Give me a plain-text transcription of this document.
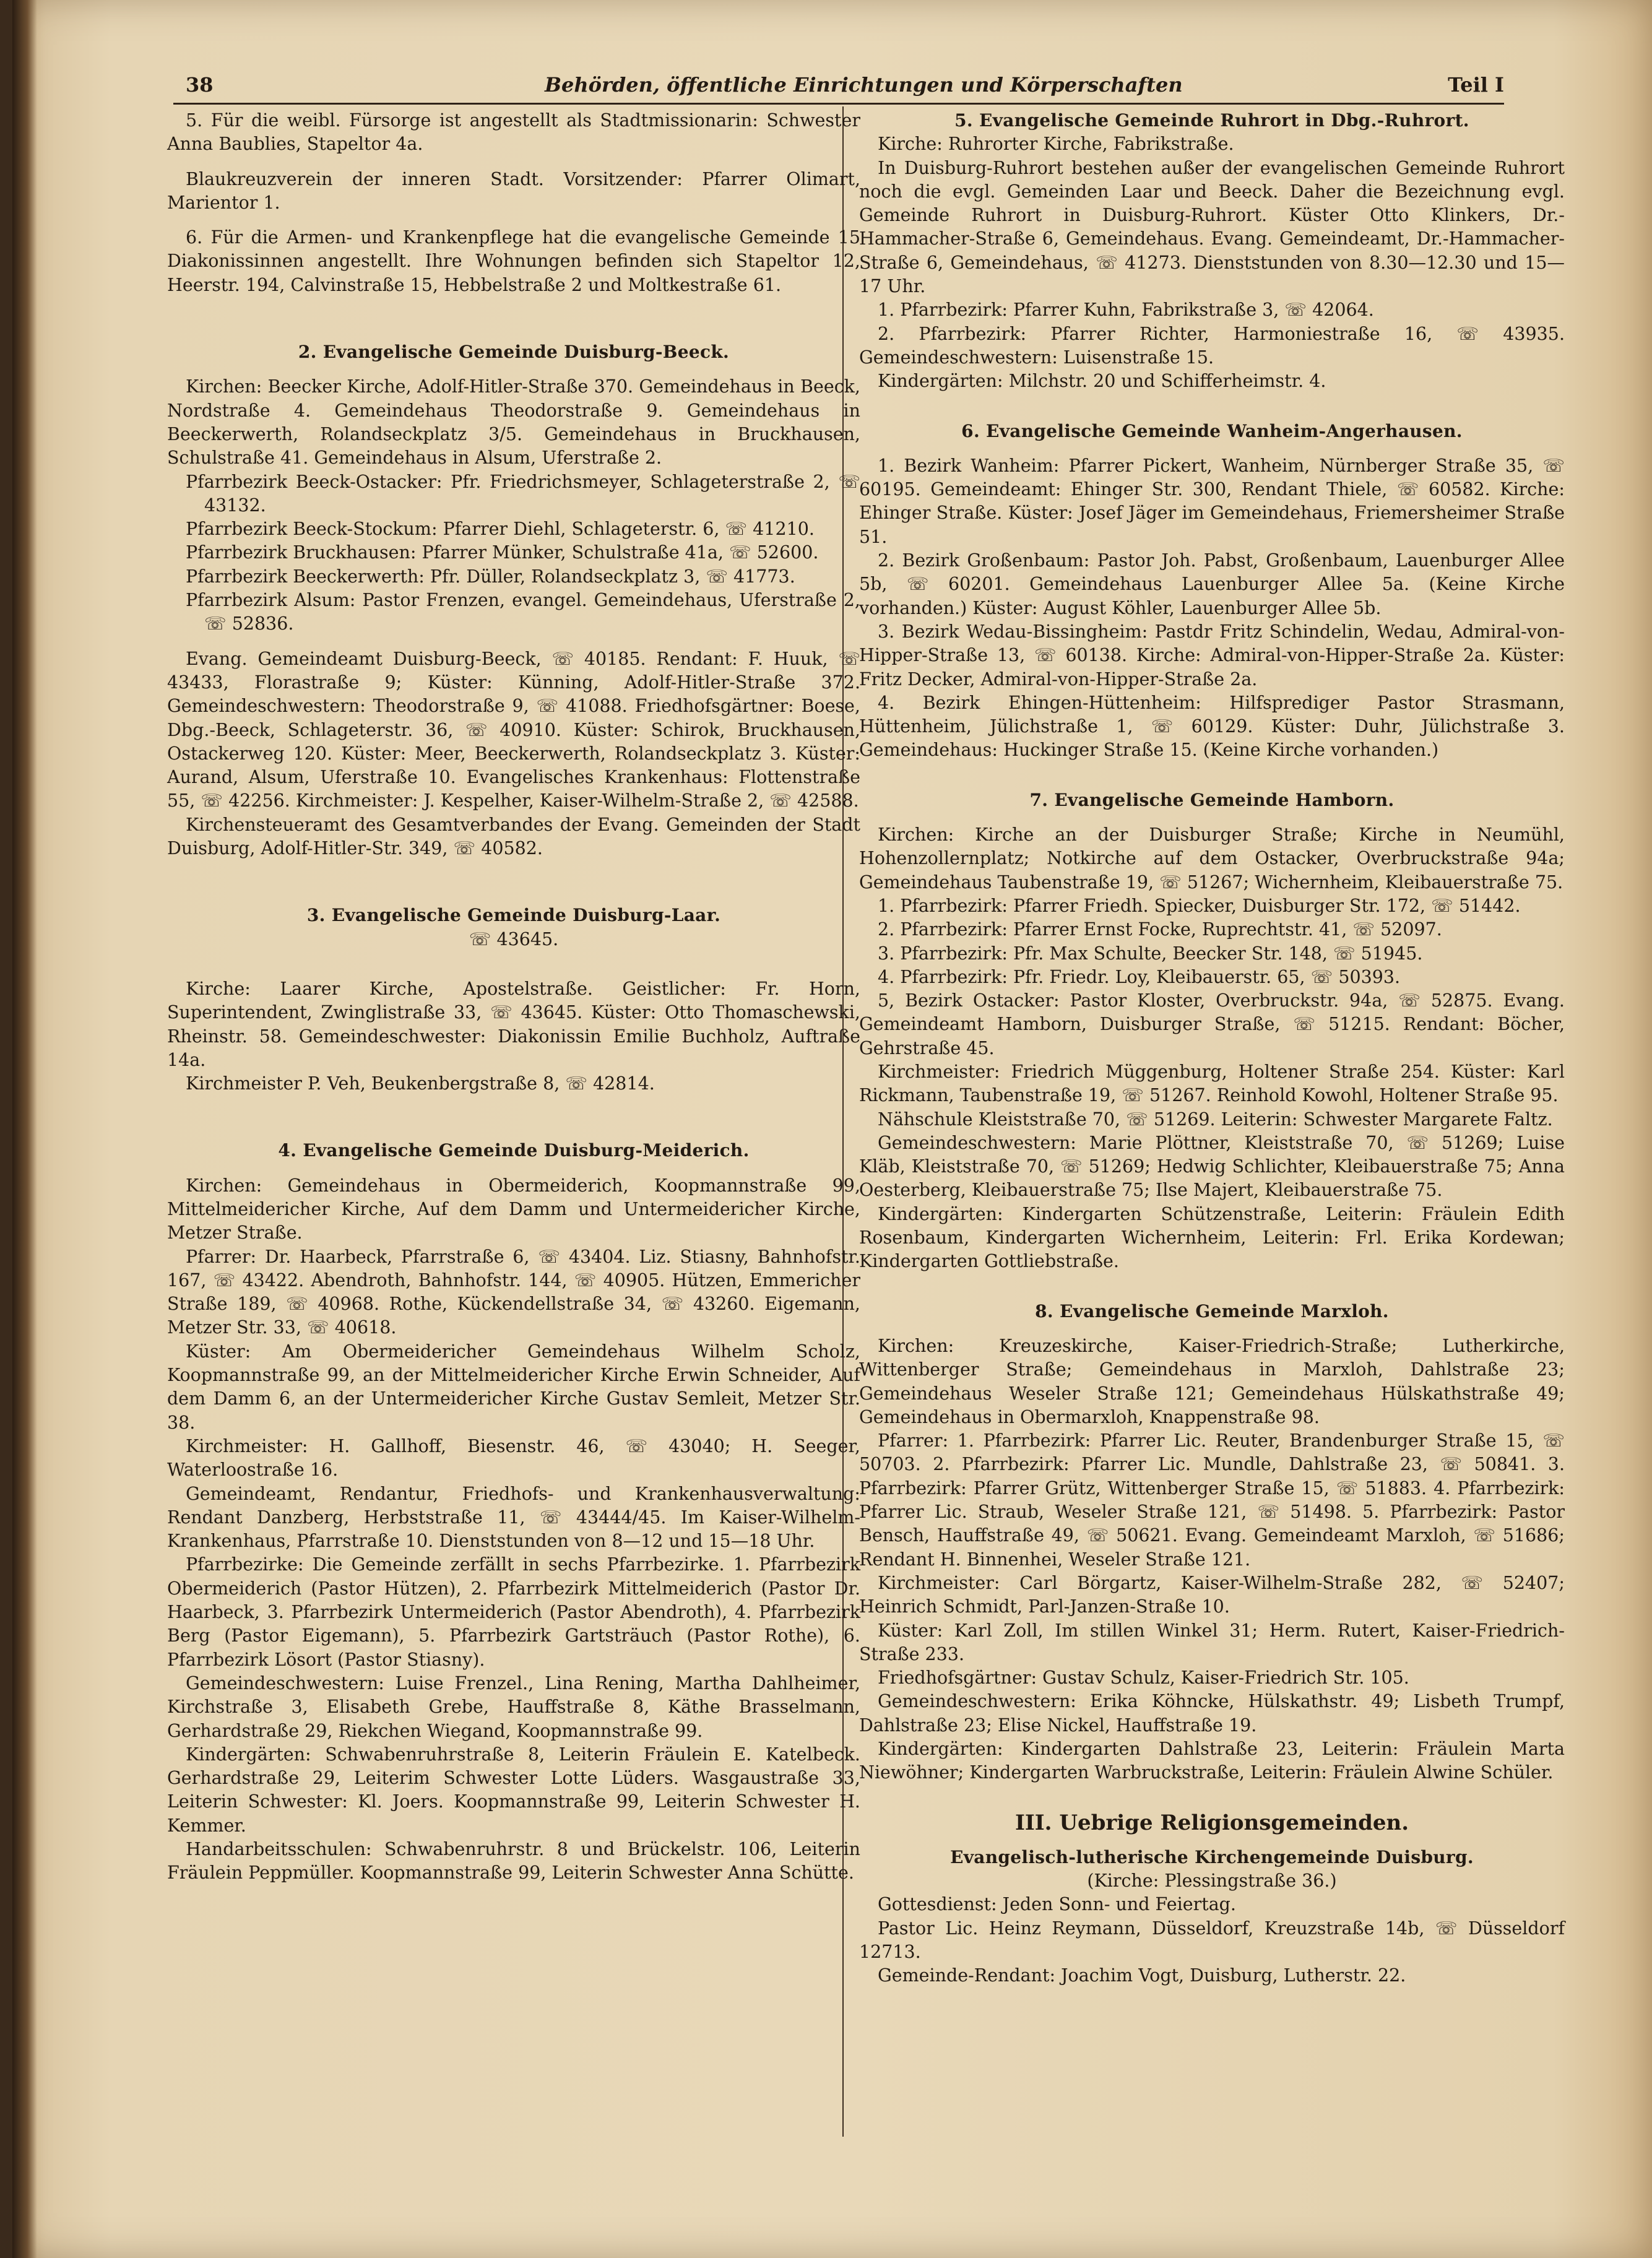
38	Behörden, öffentliche Einrichtungen und Körperschaften	Teil I

5. Für die weibl. Fürsorge ist angestellt als Stadtmissionarin: Schwester Anna Baublies, Stapeltor 4a.

Blaukreuzverein der inneren Stadt. Vorsitzender: Pfarrer Olimart, Marientor 1.

6. Für die Armen- und Krankenpflege hat die evangelische Gemeinde 15 Diakonissinnen angestellt. Ihre Wohnungen befinden sich Stapeltor 12, Heerstr. 194, Calvinstraße 15, Hebbelstraße 2 und Moltkestraße 61.

2. Evangelische Gemeinde Duisburg-Beeck.

Kirchen: Beecker Kirche, Adolf-Hitler-Straße 370. Gemeindehaus in Beeck, Nordstraße 4. Gemeindehaus Theodorstraße 9. Gemeindehaus in Beeckerwerth, Rolandseckplatz 3/5. Gemeindehaus in Bruckhausen, Schulstraße 41. Gemeindehaus in Alsum, Uferstraße 2.

Pfarrbezirk Beeck-Ostacker: Pfr. Friedrichsmeyer, Schlageterstraße 2, ☏ 43132.

Pfarrbezirk Beeck-Stockum: Pfarrer Diehl, Schlageterstr. 6, ☏ 41210.

Pfarrbezirk Bruckhausen: Pfarrer Münker, Schulstraße 41a, ☏ 52600.

Pfarrbezirk Beeckerwerth: Pfr. Düller, Rolandseckplatz 3, ☏ 41773.

Pfarrbezirk Alsum: Pastor Frenzen, evangel. Gemeindehaus, Uferstraße 2, ☏ 52836.

Evang. Gemeindeamt Duisburg-Beeck, ☏ 40185. Rendant: F. Huuk, ☏ 43433, Florastraße 9; Küster: Künning, Adolf-Hitler-Straße 372. Gemeindeschwestern: Theodorstraße 9, ☏ 41088. Friedhofsgärtner: Boese, Dbg.-Beeck, Schlageterstr. 36, ☏ 40910. Küster: Schirok, Bruckhausen, Ostackerweg 120. Küster: Meer, Beeckerwerth, Rolandseckplatz 3. Küster: Aurand, Alsum, Uferstraße 10. Evangelisches Krankenhaus: Flottenstraße 55, ☏ 42256. Kirchmeister: J. Kespelher, Kaiser-Wilhelm-Straße 2, ☏ 42588.

Kirchensteueramt des Gesamtverbandes der Evang. Gemeinden der Stadt Duisburg, Adolf-Hitler-Str. 349, ☏ 40582.

3. Evangelische Gemeinde Duisburg-Laar.

☏ 43645.

Kirche: Laarer Kirche, Apostelstraße. Geistlicher: Fr. Horn, Superintendent, Zwinglistraße 33, ☏ 43645. Küster: Otto Thomaschewski, Rheinstr. 58. Gemeindeschwester: Diakonissin Emilie Buchholz, Auftraße 14a.

Kirchmeister P. Veh, Beukenbergstraße 8, ☏ 42814.

4. Evangelische Gemeinde Duisburg-Meiderich.

Kirchen: Gemeindehaus in Obermeiderich, Koopmannstraße 99, Mittelmeidericher Kirche, Auf dem Damm und Untermeidericher Kirche, Metzer Straße.

Pfarrer: Dr. Haarbeck, Pfarrstraße 6, ☏ 43404. Liz. Stiasny, Bahnhofstr. 167, ☏ 43422. Abendroth, Bahnhofstr. 144, ☏ 40905. Hützen, Emmericher Straße 189, ☏ 40968. Rothe, Kückendellstraße 34, ☏ 43260. Eigemann, Metzer Str. 33, ☏ 40618.

Küster: Am Obermeidericher Gemeindehaus Wilhelm Scholz, Koopmannstraße 99, an der Mittelmeidericher Kirche Erwin Schneider, Auf dem Damm 6, an der Untermeidericher Kirche Gustav Semleit, Metzer Str. 38.

Kirchmeister: H. Gallhoff, Biesenstr. 46, ☏ 43040; H. Seeger, Waterloostraße 16.

Gemeindeamt, Rendantur, Friedhofs- und Krankenhausverwaltung: Rendant Danzberg, Herbststraße 11, ☏ 43444/45. Im Kaiser-Wilhelm-Krankenhaus, Pfarrstraße 10. Dienststunden von 8—12 und 15—18 Uhr.

Pfarrbezirke: Die Gemeinde zerfällt in sechs Pfarrbezirke. 1. Pfarrbezirk Obermeiderich (Pastor Hützen), 2. Pfarrbezirk Mittelmeiderich (Pastor Dr. Haarbeck, 3. Pfarrbezirk Untermeiderich (Pastor Abendroth), 4. Pfarrbezirk Berg (Pastor Eigemann), 5. Pfarrbezirk Gartsträuch (Pastor Rothe), 6. Pfarrbezirk Lösort (Pastor Stiasny).

Gemeindeschwestern: Luise Frenzel., Lina Rening, Martha Dahlheimer, Kirchstraße 3, Elisabeth Grebe, Hauffstraße 8, Käthe Brasselmann, Gerhardstraße 29, Riekchen Wiegand, Koopmannstraße 99.

Kindergärten: Schwabenruhrstraße 8, Leiterin Fräulein E. Katelbeck. Gerhardstraße 29, Leiterim Schwester Lotte Lüders. Wasgaustraße 33, Leiterin Schwester: Kl. Joers. Koopmannstraße 99, Leiterin Schwester H. Kemmer.

Handarbeitsschulen: Schwabenruhrstr. 8 und Brückelstr. 106, Leiterin Fräulein Peppmüller. Koopmannstraße 99, Leiterin Schwester Anna Schütte.

5. Evangelische Gemeinde Ruhrort in Dbg.-Ruhrort.

Kirche: Ruhrorter Kirche, Fabrikstraße.

In Duisburg-Ruhrort bestehen außer der evangelischen Gemeinde Ruhrort noch die evgl. Gemeinden Laar und Beeck. Daher die Bezeichnung evgl. Gemeinde Ruhrort in Duisburg-Ruhrort. Küster Otto Klinkers, Dr.-Hammacher-Straße 6, Gemeindehaus. Evang. Gemeindeamt, Dr.-Hammacher-Straße 6, Gemeindehaus, ☏ 41273. Dienststunden von 8.30—12.30 und 15—17 Uhr.

1. Pfarrbezirk: Pfarrer Kuhn, Fabrikstraße 3, ☏ 42064.

2. Pfarrbezirk: Pfarrer Richter, Harmoniestraße 16, ☏ 43935. Gemeindeschwestern: Luisenstraße 15.

Kindergärten: Milchstr. 20 und Schifferheimstr. 4.

6. Evangelische Gemeinde Wanheim-Angerhausen.

1. Bezirk Wanheim: Pfarrer Pickert, Wanheim, Nürnberger Straße 35, ☏ 60195. Gemeindeamt: Ehinger Str. 300, Rendant Thiele, ☏ 60582. Kirche: Ehinger Straße. Küster: Josef Jäger im Gemeindehaus, Friemersheimer Straße 51.

2. Bezirk Großenbaum: Pastor Joh. Pabst, Großenbaum, Lauenburger Allee 5b, ☏ 60201. Gemeindehaus Lauenburger Allee 5a. (Keine Kirche vorhanden.) Küster: August Köhler, Lauenburger Allee 5b.

3. Bezirk Wedau-Bissingheim: Pastdr Fritz Schindelin, Wedau, Admiral-von-Hipper-Straße 13, ☏ 60138. Kirche: Admiral-von-Hipper-Straße 2a. Küster: Fritz Decker, Admiral-von-Hipper-Straße 2a.

4. Bezirk Ehingen-Hüttenheim: Hilfsprediger Pastor Strasmann, Hüttenheim, Jülichstraße 1, ☏ 60129. Küster: Duhr, Jülichstraße 3. Gemeindehaus: Huckinger Straße 15. (Keine Kirche vorhanden.)

7. Evangelische Gemeinde Hamborn.

Kirchen: Kirche an der Duisburger Straße; Kirche in Neumühl, Hohenzollernplatz; Notkirche auf dem Ostacker, Overbruckstraße 94a; Gemeindehaus Taubenstraße 19, ☏ 51267; Wichernheim, Kleibauerstraße 75.

1. Pfarrbezirk: Pfarrer Friedh. Spiecker, Duisburger Str. 172, ☏ 51442.

2. Pfarrbezirk: Pfarrer Ernst Focke, Ruprechtstr. 41, ☏ 52097.

3. Pfarrbezirk: Pfr. Max Schulte, Beecker Str. 148, ☏ 51945.

4. Pfarrbezirk: Pfr. Friedr. Loy, Kleibauerstr. 65, ☏ 50393.

5, Bezirk Ostacker: Pastor Kloster, Overbruckstr. 94a, ☏ 52875. Evang. Gemeindeamt Hamborn, Duisburger Straße, ☏ 51215. Rendant: Böcher, Gehrstraße 45.

Kirchmeister: Friedrich Müggenburg, Holtener Straße 254. Küster: Karl Rickmann, Taubenstraße 19, ☏ 51267. Reinhold Kowohl, Holtener Straße 95.

Nähschule Kleiststraße 70, ☏ 51269. Leiterin: Schwester Margarete Faltz.

Gemeindeschwestern: Marie Plöttner, Kleiststraße 70, ☏ 51269; Luise Kläb, Kleiststraße 70, ☏ 51269; Hedwig Schlichter, Kleibauerstraße 75; Anna Oesterberg, Kleibauerstraße 75; Ilse Majert, Kleibauerstraße 75.

Kindergärten: Kindergarten Schützenstraße, Leiterin: Fräulein Edith Rosenbaum, Kindergarten Wichernheim, Leiterin: Frl. Erika Kordewan; Kindergarten Gottliebstraße.

8. Evangelische Gemeinde Marxloh.

Kirchen: Kreuzeskirche, Kaiser-Friedrich-Straße; Lutherkirche, Wittenberger Straße; Gemeindehaus in Marxloh, Dahlstraße 23; Gemeindehaus Weseler Straße 121; Gemeindehaus Hülskathstraße 49; Gemeindehaus in Obermarxloh, Knappenstraße 98.

Pfarrer: 1. Pfarrbezirk: Pfarrer Lic. Reuter, Brandenburger Straße 15, ☏ 50703. 2. Pfarrbezirk: Pfarrer Lic. Mundle, Dahlstraße 23, ☏ 50841. 3. Pfarrbezirk: Pfarrer Grütz, Wittenberger Straße 15, ☏ 51883. 4. Pfarrbezirk: Pfarrer Lic. Straub, Weseler Straße 121, ☏ 51498. 5. Pfarrbezirk: Pastor Bensch, Hauffstraße 49, ☏ 50621. Evang. Gemeindeamt Marxloh, ☏ 51686; Rendant H. Binnenhei, Weseler Straße 121.

Kirchmeister: Carl Börgartz, Kaiser-Wilhelm-Straße 282, ☏ 52407; Heinrich Schmidt, Parl-Janzen-Straße 10.

Küster: Karl Zoll, Im stillen Winkel 31; Herm. Rutert, Kaiser-Friedrich-Straße 233.

Friedhofsgärtner: Gustav Schulz, Kaiser-Friedrich Str. 105.

Gemeindeschwestern: Erika Köhncke, Hülskathstr. 49; Lisbeth Trumpf, Dahlstraße 23; Elise Nickel, Hauffstraße 19.

Kindergärten: Kindergarten Dahlstraße 23, Leiterin: Fräulein Marta Niewöhner; Kindergarten Warbruckstraße, Leiterin: Fräulein Alwine Schüler.

III. Uebrige Religionsgemeinden.
Evangelisch-lutherische Kirchengemeinde Duisburg.

(Kirche: Plessingstraße 36.)

Gottesdienst: Jeden Sonn- und Feiertag.

Pastor Lic. Heinz Reymann, Düsseldorf, Kreuzstraße 14b, ☏ Düsseldorf 12713.

Gemeinde-Rendant: Joachim Vogt, Duisburg, Lutherstr. 22.
